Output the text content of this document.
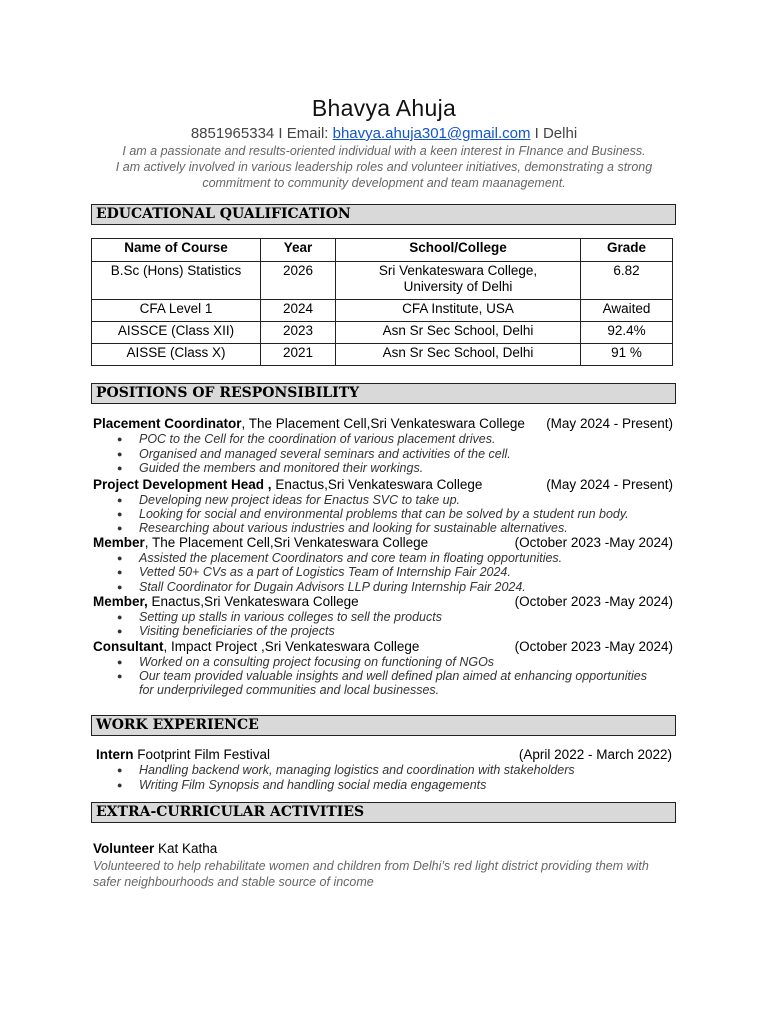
Bhavya Ahuja
8851965334 I Email: bhavya.ahuja301@gmail.com I Delhi
I am a passionate and results-oriented individual with a keen interest in FInance and Business.
I am actively involved in various leadership roles and volunteer initiatives, demonstrating a strong
commitment to community development and team maanagement.
EDUCATIONAL QUALIFICATION
Name of Course	Year	School/College	Grade
B.Sc (Hons) Statistics	2026	Sri Venkateswara College,
University of Delhi	6.82
CFA Level 1	2024	CFA Institute, USA	Awaited
AISSCE (Class XII)	2023	Asn Sr Sec School, Delhi	92.4%
AISSE (Class X)	2021	Asn Sr Sec School, Delhi	91 %
POSITIONS OF RESPONSIBILITY
Placement Coordinator, The Placement Cell,Sri Venkateswara College (May 2024 - Present)
● POC to the Cell for the coordination of various placement drives.
● Organised and managed several seminars and activities of the cell.
● Guided the members and monitored their workings.
Project Development Head , Enactus,Sri Venkateswara College	(May 2024 - Present)
● Developing new project ideas for Enactus SVC to take up.
● Looking for social and environmental problems that can be solved by a student run body.
● Researching about various industries and looking for sustainable alternatives.
Member, The Placement Cell,Sri Venkateswara College	(October 2023 -May 2024)
● Assisted the placement Coordinators and core team in floating opportunities.
● Vetted 50+ CVs as a part of Logistics Team of Internship Fair 2024.
● Stall Coordinator for Dugain Advisors LLP during Internship Fair 2024.
Member, Enactus,Sri Venkateswara College	(October 2023 -May 2024)
● Setting up stalls in various colleges to sell the products
● Visiting beneficiaries of the projects
Consultant, Impact Project ,Sri Venkateswara College	(October 2023 -May 2024)
● Worked on a consulting project focusing on functioning of NGOs
● Our team provided valuable insights and well defined plan aimed at enhancing opportunities
for underprivileged communities and local businesses.
WORK EXPERIENCE
Intern Footprint Film Festival	(April 2022 - March 2022)
● Handling backend work, managing logistics and coordination with stakeholders
● Writing Film Synopsis and handling social media engagements
EXTRA-CURRICULAR ACTIVITIES
Volunteer Kat Katha
Volunteered to help rehabilitate women and children from Delhi’s red light district providing them with
safer neighbourhoods and stable source of income
